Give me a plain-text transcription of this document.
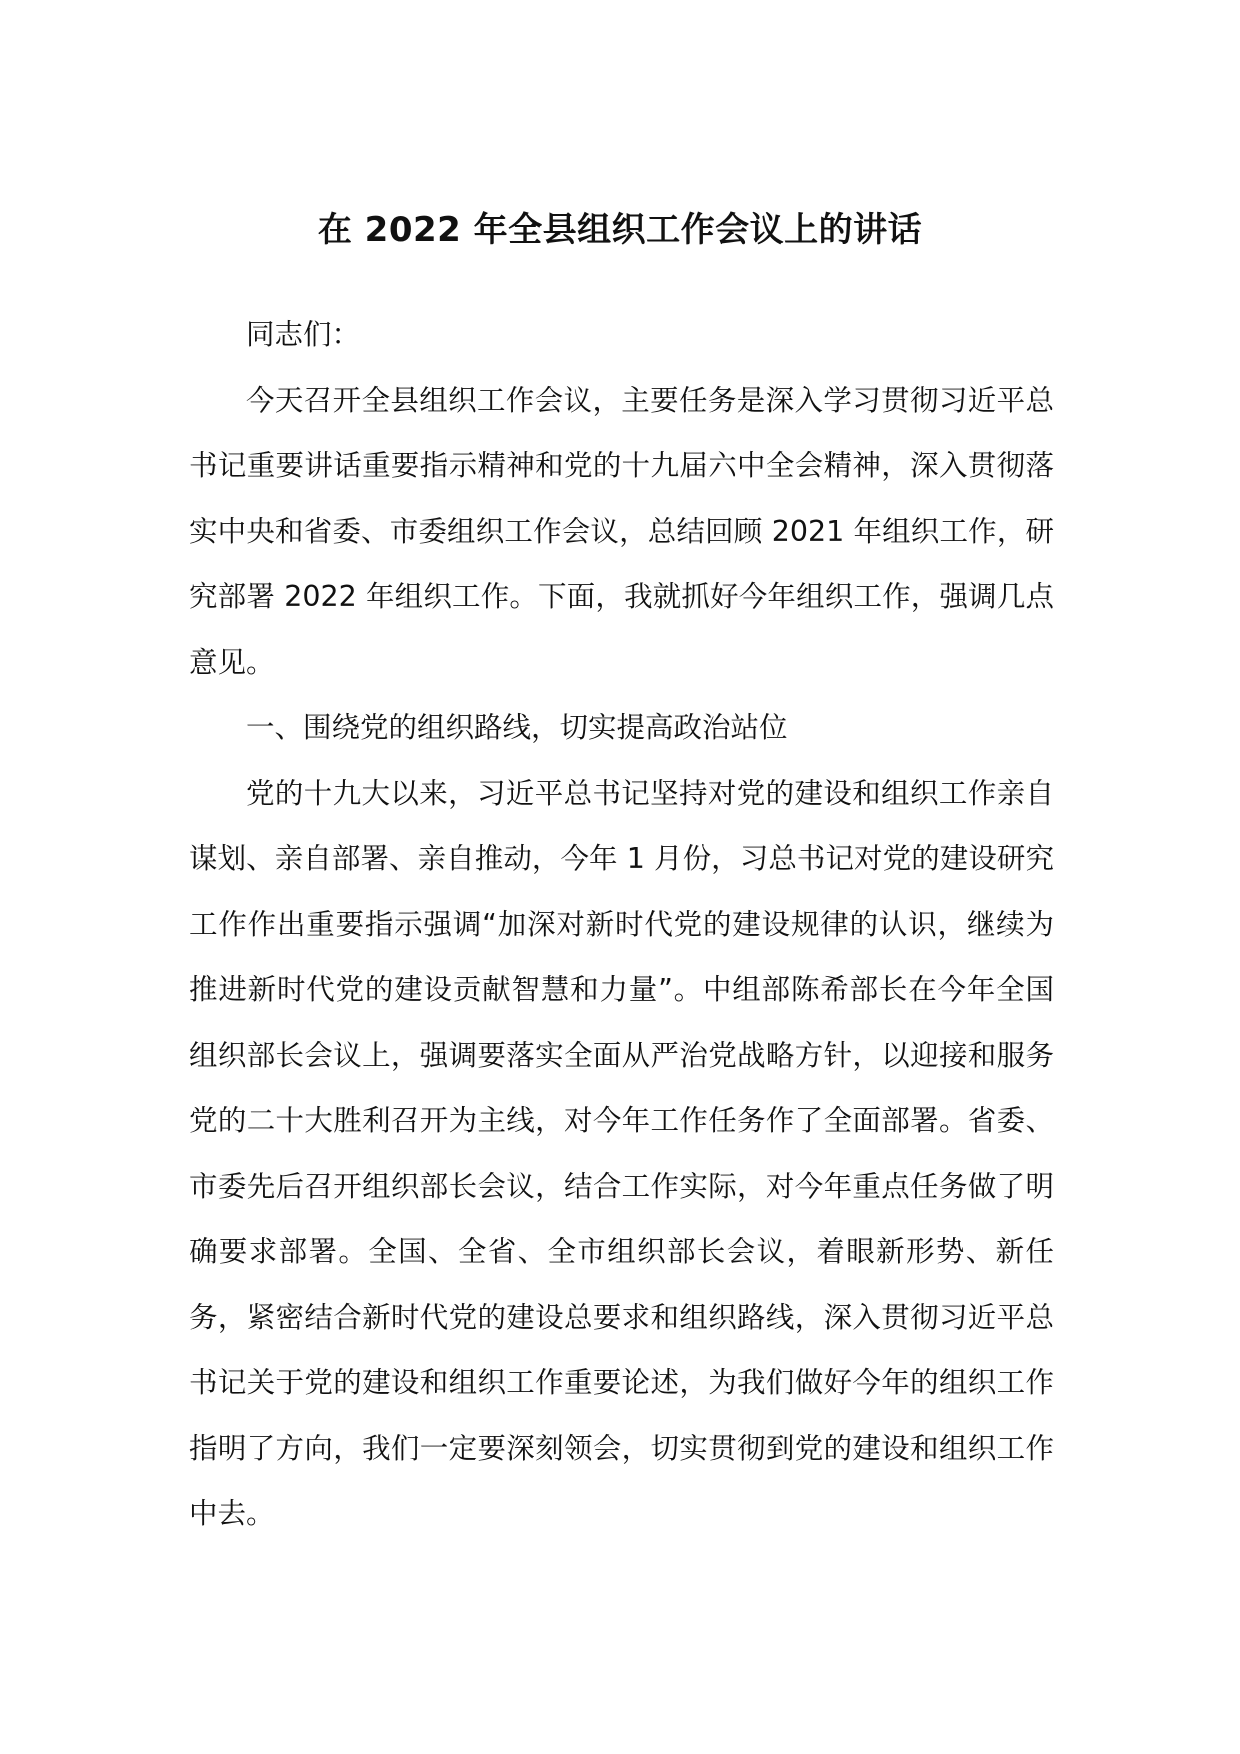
在 2022 年全县组织工作会议上的讲话

同志们：

今天召开全县组织工作会议，主要任务是深入学习贯彻习近平总书记重要讲话重要指示精神和党的十九届六中全会精神，深入贯彻落实中央和省委、市委组织工作会议，总结回顾 2021 年组织工作，研究部署 2022 年组织工作。下面，我就抓好今年组织工作，强调几点意见。

一、围绕党的组织路线，切实提高政治站位

党的十九大以来，习近平总书记坚持对党的建设和组织工作亲自谋划、亲自部署、亲自推动，今年 1 月份，习总书记对党的建设研究工作作出重要指示强调“加深对新时代党的建设规律的认识，继续为推进新时代党的建设贡献智慧和力量”。中组部陈希部长在今年全国组织部长会议上，强调要落实全面从严治党战略方针，以迎接和服务党的二十大胜利召开为主线，对今年工作任务作了全面部署。省委、市委先后召开组织部长会议，结合工作实际，对今年重点任务做了明确要求部署。全国、全省、全市组织部长会议，着眼新形势、新任务，紧密结合新时代党的建设总要求和组织路线，深入贯彻习近平总书记关于党的建设和组织工作重要论述，为我们做好今年的组织工作指明了方向，我们一定要深刻领会，切实贯彻到党的建设和组织工作中去。
